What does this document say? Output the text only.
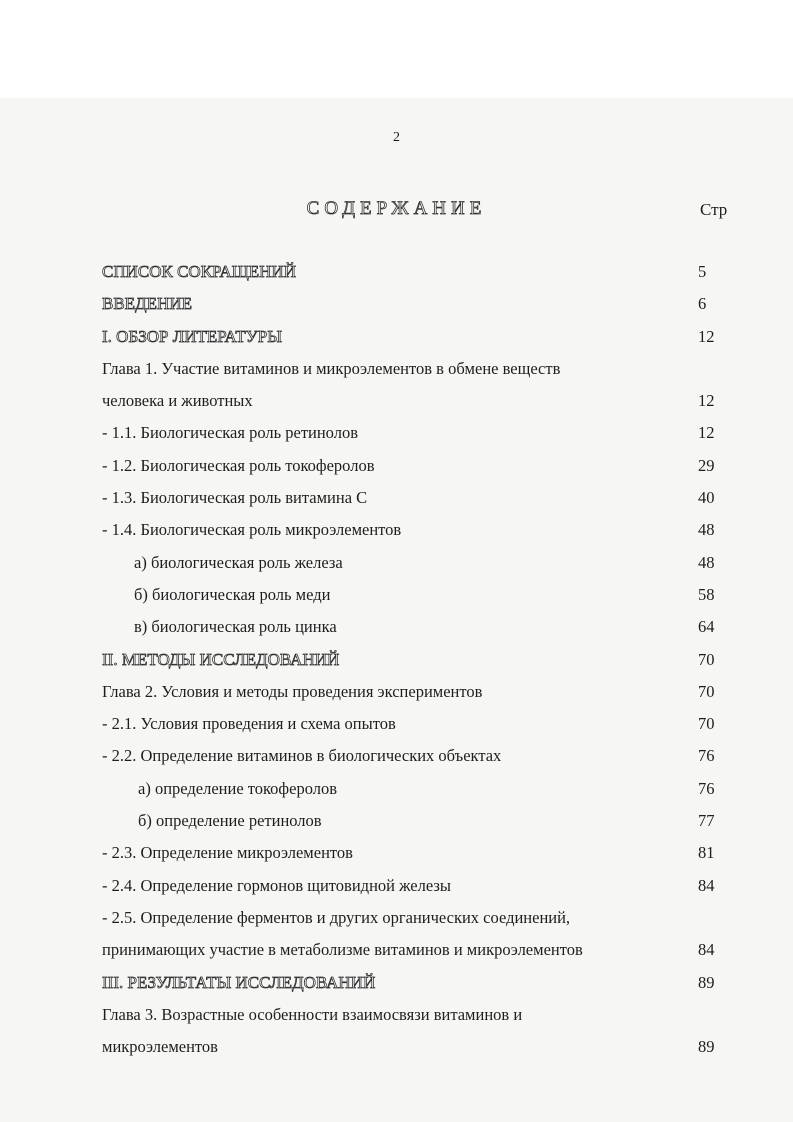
2
СОДЕРЖАНИЕ	Стр
СПИСОК СОКРАЩЕНИЙ	5
ВВЕДЕНИЕ	6
I. ОБЗОР ЛИТЕРАТУРЫ	12
Глава 1. Участие витаминов и микроэлементов в обмене веществ
человека и животных	12
- 1.1. Биологическая роль ретинолов	12
- 1.2. Биологическая роль токоферолов	29
- 1.3. Биологическая роль витамина С	40
- 1.4. Биологическая роль микроэлементов	48
а) биологическая роль железа	48
б) биологическая роль меди	58
в) биологическая роль цинка	64
II. МЕТОДЫ ИССЛЕДОВАНИЙ	70
Глава 2. Условия и методы проведения экспериментов	70
- 2.1. Условия проведения и схема опытов	70
- 2.2. Определение витаминов в биологических объектах	76
а) определение токоферолов	76
б) определение ретинолов	77
- 2.3. Определение микроэлементов	81
- 2.4. Определение гормонов щитовидной железы	84
- 2.5. Определение ферментов и других органических соединений,
принимающих участие в метаболизме витаминов и микроэлементов	84
III. РЕЗУЛЬТАТЫ ИССЛЕДОВАНИЙ	89
Глава 3. Возрастные особенности взаимосвязи витаминов и
микроэлементов	89
